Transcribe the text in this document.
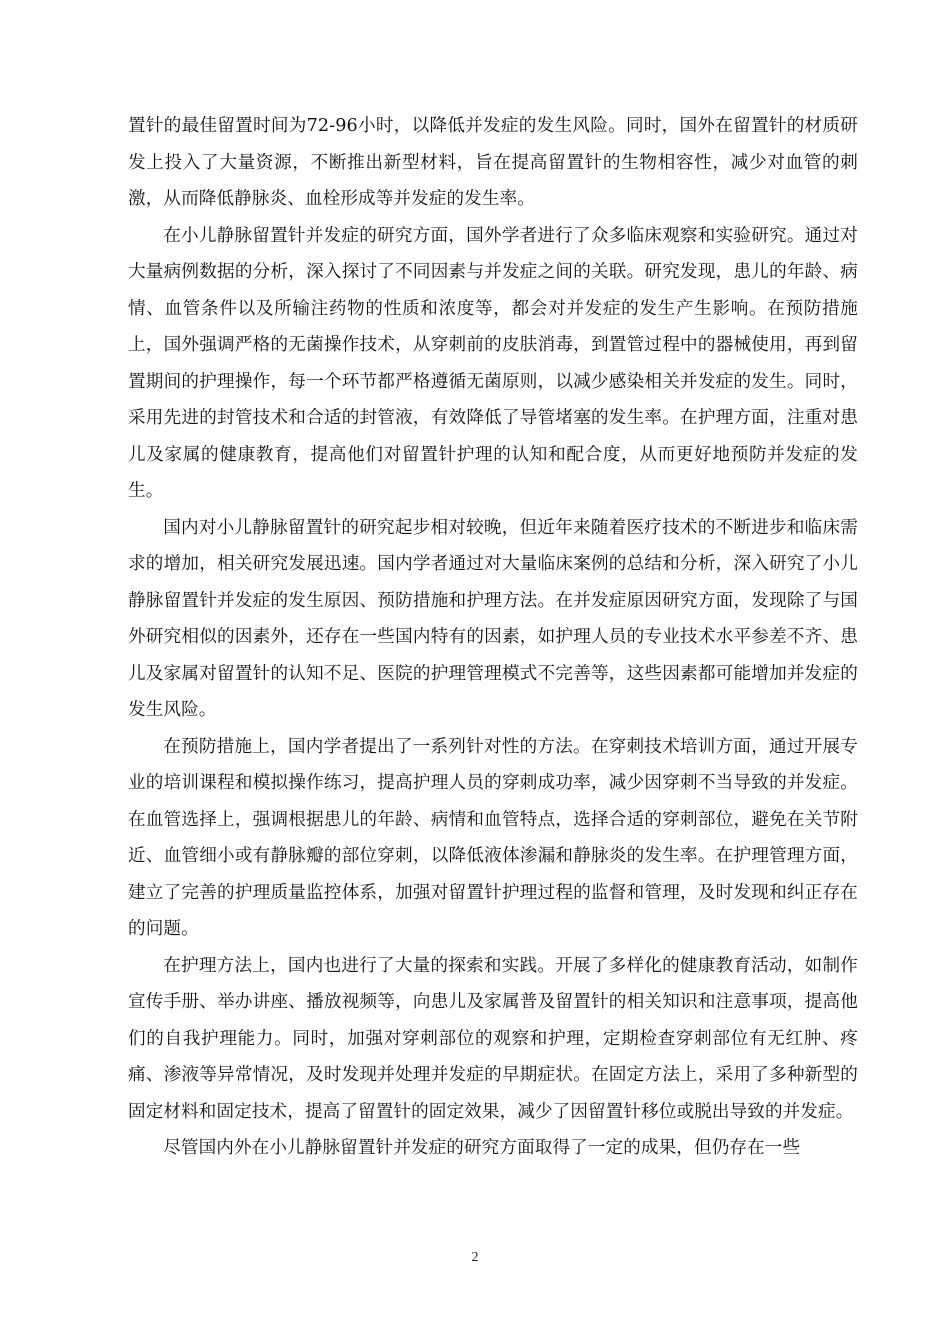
置针的最佳留置时间为72-96小时，以降低并发症的发生风险。同时，国外在留置针的材质研发上投入了大量资源，不断推出新型材料，旨在提高留置针的生物相容性，减少对血管的刺激，从而降低静脉炎、血栓形成等并发症的发生率。

在小儿静脉留置针并发症的研究方面，国外学者进行了众多临床观察和实验研究。通过对大量病例数据的分析，深入探讨了不同因素与并发症之间的关联。研究发现，患儿的年龄、病情、血管条件以及所输注药物的性质和浓度等，都会对并发症的发生产生影响。在预防措施上，国外强调严格的无菌操作技术，从穿刺前的皮肤消毒，到置管过程中的器械使用，再到留置期间的护理操作，每一个环节都严格遵循无菌原则，以减少感染相关并发症的发生。同时，采用先进的封管技术和合适的封管液，有效降低了导管堵塞的发生率。在护理方面，注重对患儿及家属的健康教育，提高他们对留置针护理的认知和配合度，从而更好地预防并发症的发生。

国内对小儿静脉留置针的研究起步相对较晚，但近年来随着医疗技术的不断进步和临床需求的增加，相关研究发展迅速。国内学者通过对大量临床案例的总结和分析，深入研究了小儿静脉留置针并发症的发生原因、预防措施和护理方法。在并发症原因研究方面，发现除了与国外研究相似的因素外，还存在一些国内特有的因素，如护理人员的专业技术水平参差不齐、患儿及家属对留置针的认知不足、医院的护理管理模式不完善等，这些因素都可能增加并发症的发生风险。

在预防措施上，国内学者提出了一系列针对性的方法。在穿刺技术培训方面，通过开展专业的培训课程和模拟操作练习，提高护理人员的穿刺成功率，减少因穿刺不当导致的并发症。在血管选择上，强调根据患儿的年龄、病情和血管特点，选择合适的穿刺部位，避免在关节附近、血管细小或有静脉瓣的部位穿刺，以降低液体渗漏和静脉炎的发生率。在护理管理方面，建立了完善的护理质量监控体系，加强对留置针护理过程的监督和管理，及时发现和纠正存在的问题。

在护理方法上，国内也进行了大量的探索和实践。开展了多样化的健康教育活动，如制作宣传手册、举办讲座、播放视频等，向患儿及家属普及留置针的相关知识和注意事项，提高他们的自我护理能力。同时，加强对穿刺部位的观察和护理，定期检查穿刺部位有无红肿、疼痛、渗液等异常情况，及时发现并处理并发症的早期症状。在固定方法上，采用了多种新型的固定材料和固定技术，提高了留置针的固定效果，减少了因留置针移位或脱出导致的并发症。

尽管国内外在小儿静脉留置针并发症的研究方面取得了一定的成果，但仍存在一些

2
